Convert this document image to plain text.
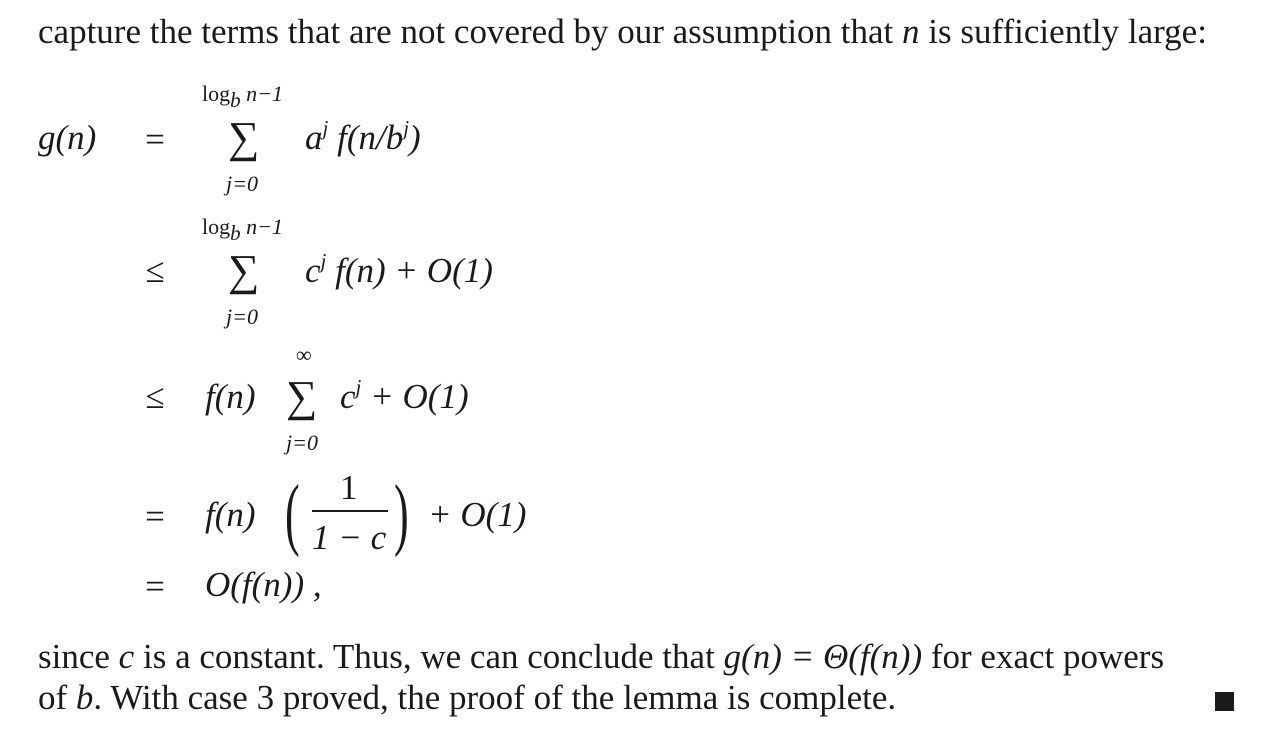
capture the terms that are not covered by our assumption that n is sufficiently large:
g(n) =
$\log_b n-1$
∑
j=0
$a^j$ $f(n/b^j)$
$\log_b n-1$
≤ ∑
j=0
$c^j$ f(n) + O(1)
∞
≤ f(n) ∑
j=0
$c^j + O(1)$
= f(n) ( 1
1 − c ) + O(1)
= O(f(n)) ,
since c is a constant. Thus, we can conclude that g(n) = Θ(f(n)) for exact powers
of b. With case 3 proved, the proof of the lemma is complete.
